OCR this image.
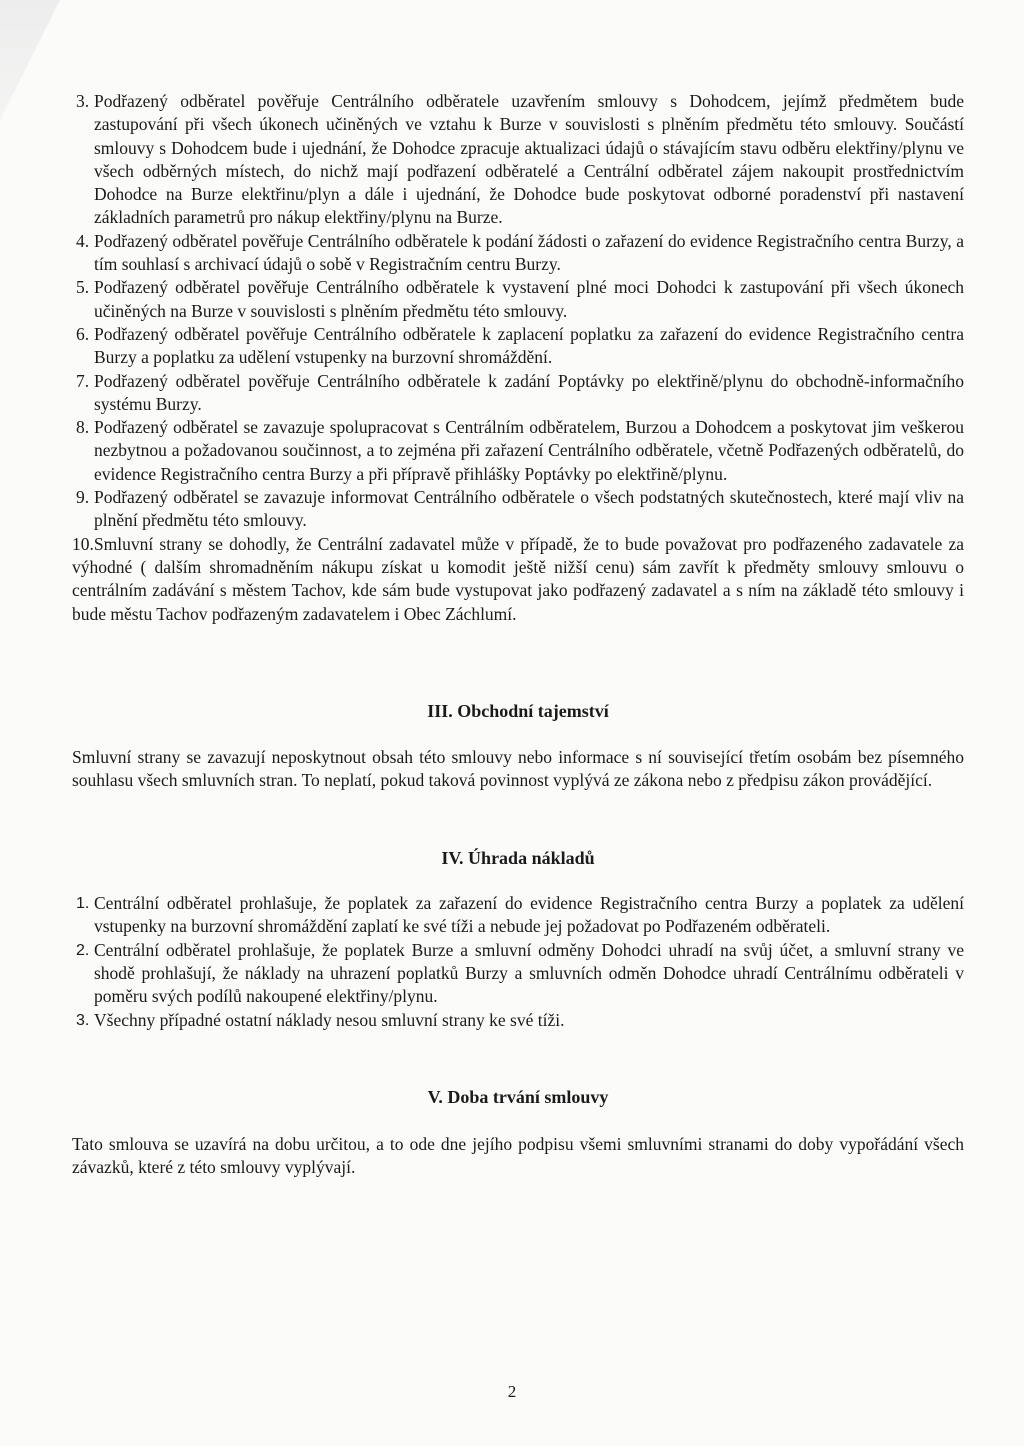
3. Podřazený odběratel pověřuje Centrálního odběratele uzavřením smlouvy s Dohodcem, jejímž předmětem bude zastupování při všech úkonech učiněných ve vztahu k Burze v souvislosti s plněním předmětu této smlouvy. Součástí smlouvy s Dohodcem bude i ujednání, že Dohodce zpracuje aktualizaci údajů o stávajícím stavu odběru elektřiny/plynu ve všech odběrných místech, do nichž mají podřazení odběratelé a Centrální odběratel zájem nakoupit prostřednictvím Dohodce na Burze elektřinu/plyn a dále i ujednání, že Dohodce bude poskytovat odborné poradenství při nastavení základních parametrů pro nákup elektřiny/plynu na Burze.
4. Podřazený odběratel pověřuje Centrálního odběratele k podání žádosti o zařazení do evidence Registračního centra Burzy, a tím souhlasí s archivací údajů o sobě v Registračním centru Burzy.
5. Podřazený odběratel pověřuje Centrálního odběratele k vystavení plné moci Dohodci k zastupování při všech úkonech učiněných na Burze v souvislosti s plněním předmětu této smlouvy.
6. Podřazený odběratel pověřuje Centrálního odběratele k zaplacení poplatku za zařazení do evidence Registračního centra Burzy a poplatku za udělení vstupenky na burzovní shromáždění.
7. Podřazený odběratel pověřuje Centrálního odběratele k zadání Poptávky po elektřině/plynu do obchodně-informačního systému Burzy.
8. Podřazený odběratel se zavazuje spolupracovat s Centrálním odběratelem, Burzou a Dohodcem a poskytovat jim veškerou nezbytnou a požadovanou součinnost, a to zejména při zařazení Centrálního odběratele, včetně Podřazených odběratelů, do evidence Registračního centra Burzy a při přípravě přihlášky Poptávky po elektřině/plynu.
9. Podřazený odběratel se zavazuje informovat Centrálního odběratele o všech podstatných skutečnostech, které mají vliv na plnění předmětu této smlouvy.
10.Smluvní strany se dohodly, že Centrální zadavatel může v případě, že to bude považovat pro podřazeného zadavatele za výhodné ( dalším shromadněním nákupu získat u komodit ještě nižší cenu) sám zavřít k předměty smlouvy smlouvu o centrálním zadávání s městem Tachov, kde sám bude vystupovat jako podřazený zadavatel a s ním na základě této smlouvy i bude městu Tachov podřazeným zadavatelem i Obec Záchlumí.
III. Obchodní tajemství

Smluvní strany se zavazují neposkytnout obsah této smlouvy nebo informace s ní související třetím osobám bez písemného souhlasu všech smluvních stran. To neplatí, pokud taková povinnost vyplývá ze zákona nebo z předpisu zákon provádějící.

IV. Úhrada nákladů
1. Centrální odběratel prohlašuje, že poplatek za zařazení do evidence Registračního centra Burzy a poplatek za udělení vstupenky na burzovní shromáždění zaplatí ke své tíži a nebude jej požadovat po Podřazeném odběrateli.
2. Centrální odběratel prohlašuje, že poplatek Burze a smluvní odměny Dohodci uhradí na svůj účet, a smluvní strany ve shodě prohlašují, že náklady na uhrazení poplatků Burzy a smluvních odměn Dohodce uhradí Centrálnímu odběrateli v poměru svých podílů nakoupené elektřiny/plynu.
3. Všechny případné ostatní náklady nesou smluvní strany ke své tíži.
V. Doba trvání smlouvy

Tato smlouva se uzavírá na dobu určitou, a to ode dne jejího podpisu všemi smluvními stranami do doby vypořádání všech závazků, které z této smlouvy vyplývají.

2
